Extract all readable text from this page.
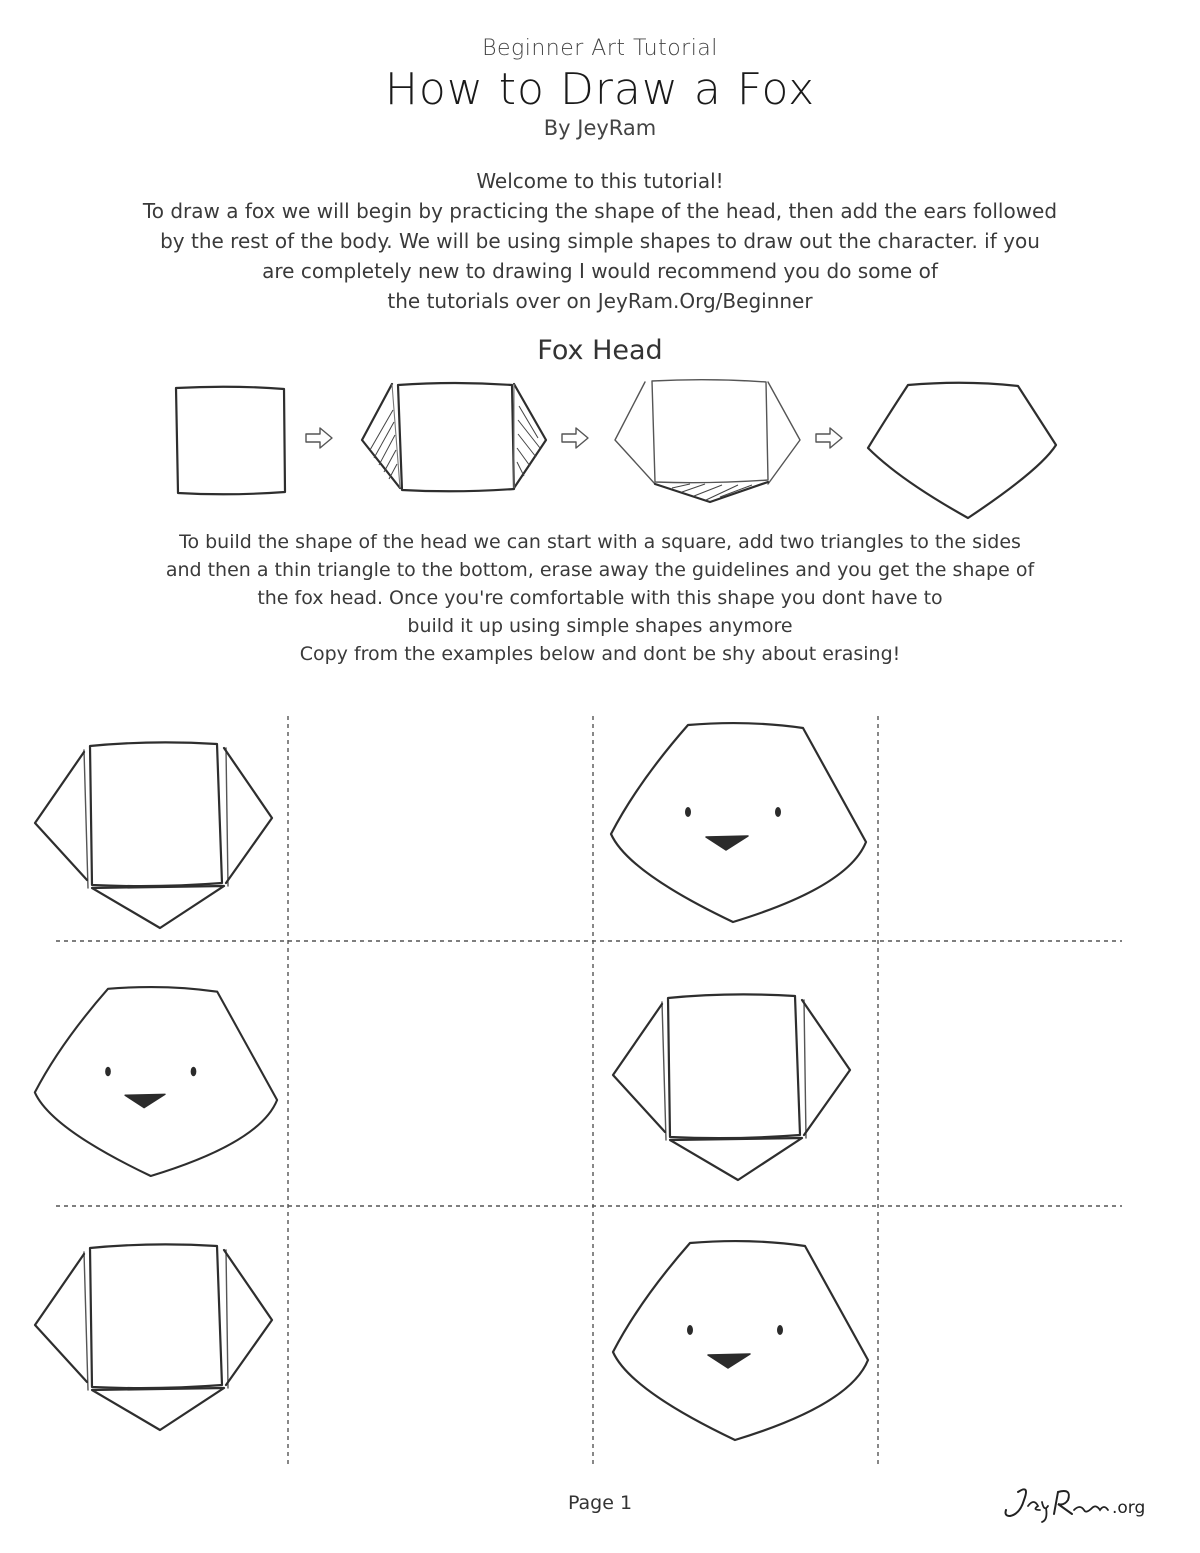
Beginner Art Tutorial
How to Draw a Fox
By JeyRam
Welcome to this tutorial!
To draw a fox we will begin by practicing the shape of the head, then add the ears followed
by the rest of the body. We will be using simple shapes to draw out the character. if you
are completely new to drawing I would recommend you do some of
the tutorials over on JeyRam.Org/Beginner
Fox Head
To build the shape of the head we can start with a square, add two triangles to the sides
and then a thin triangle to the bottom, erase away the guidelines and you get the shape of
the fox head. Once you're comfortable with this shape you dont have to
build it up using simple shapes anymore
Copy from the examples below and dont be shy about erasing!
Page 1	.org
